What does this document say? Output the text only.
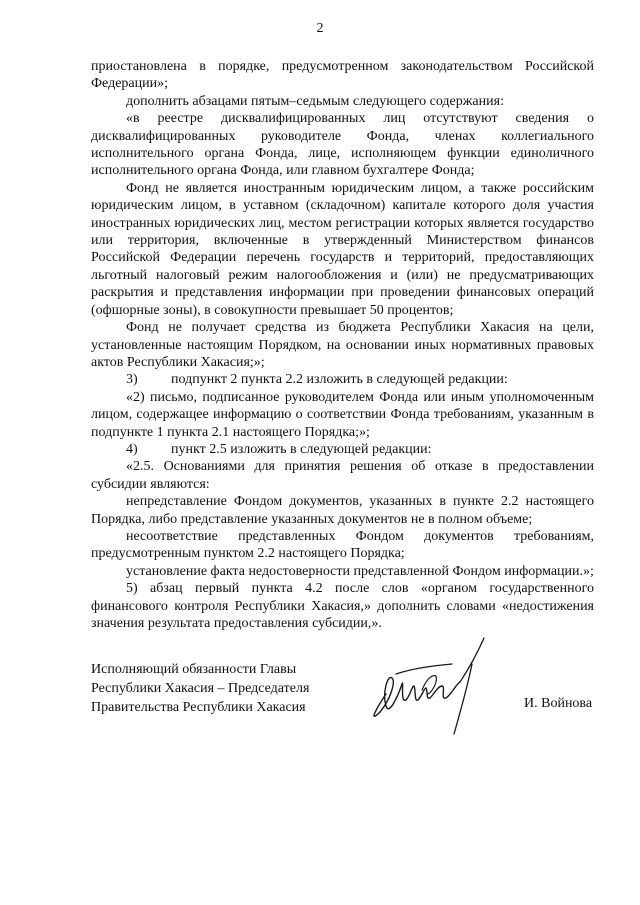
2

приостановлена в порядке, предусмотренном законодательством Российской Федерации»;

дополнить абзацами пятым–седьмым следующего содержания:

«в реестре дисквалифицированных лиц отсутствуют сведения о дисквалифицированных руководителе Фонда, членах коллегиального исполнительного органа Фонда, лице, исполняющем функции единоличного исполнительного органа Фонда, или главном бухгалтере Фонда;

Фонд не является иностранным юридическим лицом, а также российским юридическим лицом, в уставном (складочном) капитале которого доля участия иностранных юридических лиц, местом регистрации которых является государство или территория, включенные в утвержденный Министерством финансов Российской Федерации перечень государств и территорий, предоставляющих льготный налоговый режим налогообложения и (или) не предусматривающих раскрытия и представления информации при проведении финансовых операций (офшорные зоны), в совокупности превышает 50 процентов;

Фонд не получает средства из бюджета Республики Хакасия на цели, установленные настоящим Порядком, на основании иных нормативных правовых актов Республики Хакасия;»;

3) подпункт 2 пункта 2.2 изложить в следующей редакции:

«2) письмо, подписанное руководителем Фонда или иным уполномоченным лицом, содержащее информацию о соответствии Фонда требованиям, указанным в подпункте 1 пункта 2.1 настоящего Порядка;»;

4) пункт 2.5 изложить в следующей редакции:

«2.5. Основаниями для принятия решения об отказе в предоставлении субсидии являются:

непредставление Фондом документов, указанных в пункте 2.2 настоящего Порядка, либо представление указанных документов не в полном объеме;

несоответствие представленных Фондом документов требованиям, предусмотренным пунктом 2.2 настоящего Порядка;

установление факта недостоверности представленной Фондом информации.»;

5) абзац первый пункта 4.2 после слов «органом государственного финансового контроля Республики Хакасия,» дополнить словами «недостижения значения результата предоставления субсидии,».

Исполняющий обязанности Главы
Республики Хакасия – Председателя
Правительства Республики Хакасия	И. Войнова
